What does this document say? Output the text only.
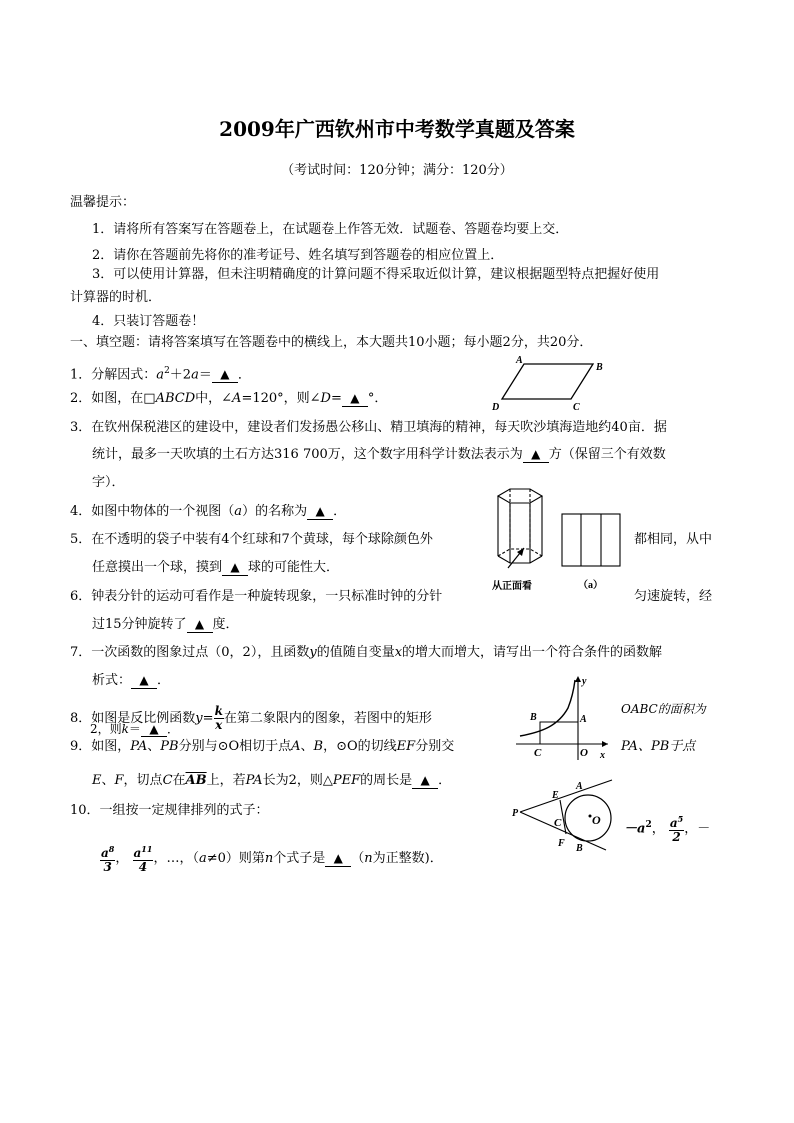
2009年广西钦州市中考数学真题及答案
（考试时间：120分钟；满分：120分）
温馨提示：
1．请将所有答案写在答题卷上，在试题卷上作答无效．试题卷、答题卷均要上交．
2．请你在答题前先将你的准考证号、姓名填写到答题卷的相应位置上．
3．可以使用计算器，但未注明精确度的计算问题不得采取近似计算，建议根据题型特点把握好使用
计算器的时机．
4．只装订答题卷！
一、填空题：请将答案填写在答题卷中的横线上，本大题共10小题；每小题2分，共20分．
1．分解因式：$a^2+2a=$ ▲ ．
2．如图，在□ABCD中，∠A=120°，则∠D= ▲ °．
A
B
C
D
3．在钦州保税港区的建设中，建设者们发扬愚公移山、精卫填海的精神，每天吹沙填海造地约40亩．据
统计，最多一天吹填的土石方达316 700万，这个数字用科学计数法表示为 ▲ 方（保留三个有效数
字）．
4．如图中物体的一个视图（a）的名称为 ▲ ．
从正面看	（a）
5．在不透明的袋子中装有4个红球和7个黄球，每个球除颜色外	都相同，从中
任意摸出一个球，摸到 ▲ 球的可能性大．
6．钟表分针的运动可看作是一种旋转现象，一只标准时钟的分针	匀速旋转，经
过15分钟旋转了 ▲ 度．
7．一次函数的图象过点（0，2），且函数y的值随自变量x的增大而增大，请写出一个符合条件的函数解
析式： ▲ ．
8．如图是反比例函数$y= \frac{k}{x}$ 在第二象限内的图象，若图中的矩形
OABC的面积为
2，则k＝ ▲ ．
x
y
A
B
C	O
9．如图，PA、PB分别与⊙O相切于点A、B，⊙O的切线EF分别交	PA、PB于点
E、F，切点C在$\overline{AB}$上，若PA长为2，则△PEF的周长是 ▲ ．
P
A
B
C
E
F
O
10．一组按一定规律排列的式子：
$-a^2$， $\frac{a^5}{2}$ ，－
$\frac{a^8}{3}$ ， $\frac{a^{11}}{4}$ ，…，（a≠0）则第n个式子是 ▲ （n为正整数)．
